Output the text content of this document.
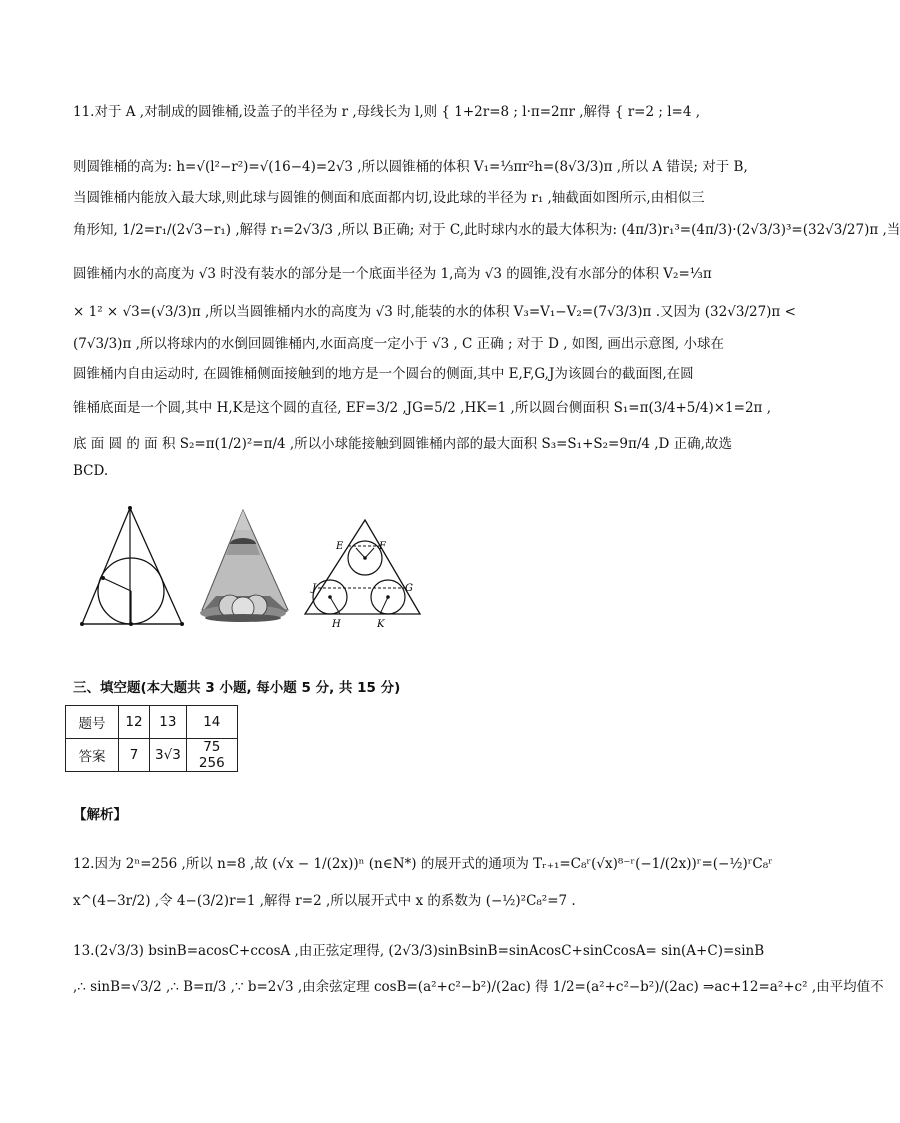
11.对于 A ,对制成的圆锥桶,设盖子的半径为 r ,母线长为 l,则 { 1+2r=8 ; l·π=2πr ,解得 { r=2 ; l=4 ,
则圆锥桶的高为: h=√(l²−r²)=√(16−4)=2√3 ,所以圆锥桶的体积 V₁=⅓πr²h=(8√3/3)π ,所以 A 错误; 对于 B,
当圆锥桶内能放入最大球,则此球与圆锥的侧面和底面都内切,设此球的半径为 r₁ ,轴截面如图所示,由相似三
角形知, 1/2=r₁/(2√3−r₁) ,解得 r₁=2√3/3 ,所以 B正确; 对于 C,此时球内水的最大体积为: (4π/3)r₁³=(4π/3)·(2√3/3)³=(32√3/27)π ,当
圆锥桶内水的高度为 √3 时没有装水的部分是一个底面半径为 1,高为 √3 的圆锥,没有水部分的体积 V₂=⅓π
× 1² × √3=(√3/3)π ,所以当圆锥桶内水的高度为 √3 时,能装的水的体积 V₃=V₁−V₂=(7√3/3)π .又因为 (32√3/27)π <
(7√3/3)π ,所以将球内的水倒回圆锥桶内,水面高度一定小于 √3 , C 正确 ; 对于 D , 如图, 画出示意图, 小球在
圆锥桶内自由运动时, 在圆锥桶侧面接触到的地方是一个圆台的侧面,其中 E,F,G,J为该圆台的截面图,在圆
锥桶底面是一个圆,其中 H,K是这个圆的直径, EF=3/2 ,JG=5/2 ,HK=1 ,所以圆台侧面积 S₁=π(3/4+5/4)×1=2π ,
底 面 圆 的 面 积 S₂=π(1/2)²=π/4 ,所以小球能接触到圆锥桶内部的最大面积 S₃=S₁+S₂=9π/4 ,D 正确,故选
BCD.
E	F
J	G
H	K
三、填空题(本大题共 3 小题, 每小题 5 分, 共 15 分)
题号	12	13	14
答案	7	3√3	75 256
【解析】
12.因为 2ⁿ=256 ,所以 n=8 ,故 (√x − 1/(2x))ⁿ (n∈N*) 的展开式的通项为 Tᵣ₊₁=C₈ʳ(√x)⁸⁻ʳ(−1/(2x))ʳ=(−½)ʳC₈ʳ
x^(4−3r/2) ,令 4−(3/2)r=1 ,解得 r=2 ,所以展开式中 x 的系数为 (−½)²C₈²=7 .
13.(2√3/3) bsinB=acosC+ccosA ,由正弦定理得, (2√3/3)sinBsinB=sinAcosC+sinCcosA= sin(A+C)=sinB
,∴ sinB=√3/2 ,∴ B=π/3 ,∵ b=2√3 ,由余弦定理 cosB=(a²+c²−b²)/(2ac) 得 1/2=(a²+c²−b²)/(2ac) ⇒ac+12=a²+c² ,由平均值不
